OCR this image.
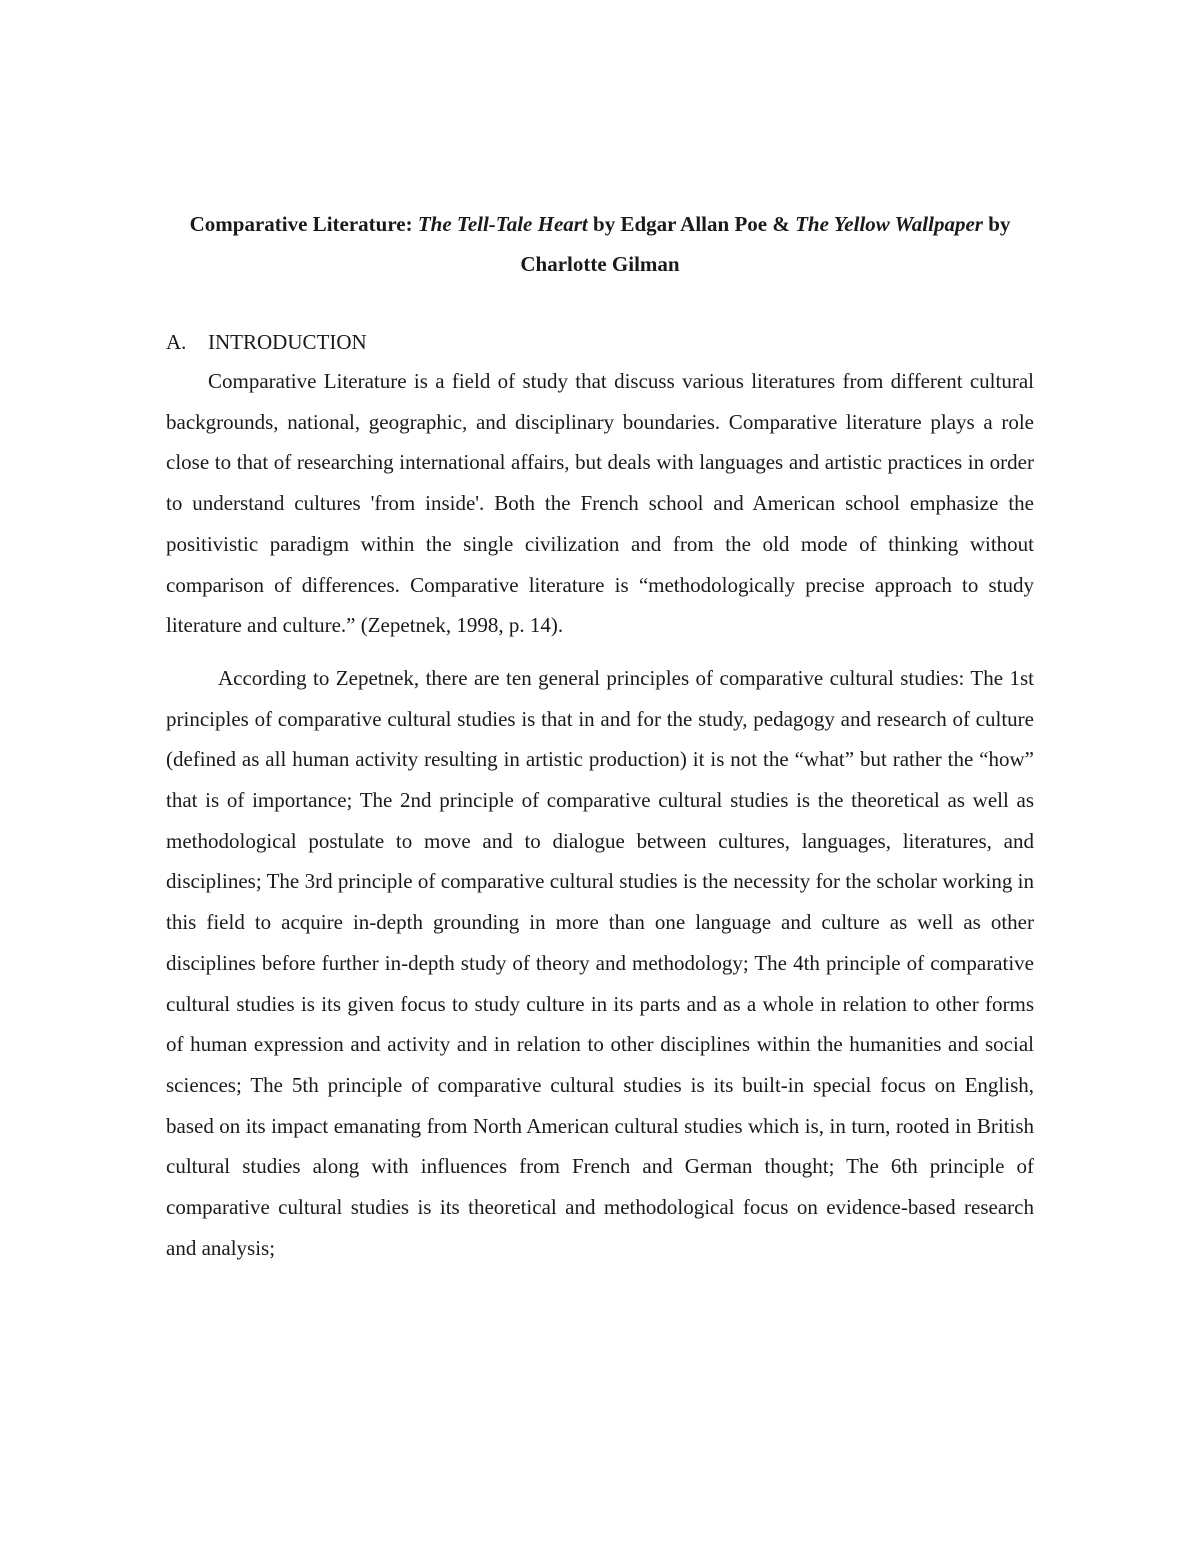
Comparative Literature: The Tell-Tale Heart by Edgar Allan Poe & The Yellow Wallpaper by Charlotte Gilman
A. INTRODUCTION

Comparative Literature is a field of study that discuss various literatures from different cultural backgrounds, national, geographic, and disciplinary boundaries. Comparative literature plays a role close to that of researching international affairs, but deals with languages and artistic practices in order to understand cultures 'from inside'. Both the French school and American school emphasize the positivistic paradigm within the single civilization and from the old mode of thinking without comparison of differences. Comparative literature is “methodologically precise approach to study literature and culture.” (Zepetnek, 1998, p. 14).

According to Zepetnek, there are ten general principles of comparative cultural studies: The 1st principles of comparative cultural studies is that in and for the study, pedagogy and research of culture (defined as all human activity resulting in artistic production) it is not the “what” but rather the “how” that is of importance; The 2nd principle of comparative cultural studies is the theoretical as well as methodological postulate to move and to dialogue between cultures, languages, literatures, and disciplines; The 3rd principle of comparative cultural studies is the necessity for the scholar working in this field to acquire in-depth grounding in more than one language and culture as well as other disciplines before further in-depth study of theory and methodology; The 4th principle of comparative cultural studies is its given focus to study culture in its parts and as a whole in relation to other forms of human expression and activity and in relation to other disciplines within the humanities and social sciences; The 5th principle of comparative cultural studies is its built-in special focus on English, based on its impact emanating from North American cultural studies which is, in turn, rooted in British cultural studies along with influences from French and German thought; The 6th principle of comparative cultural studies is its theoretical and methodological focus on evidence-based research and analysis;
